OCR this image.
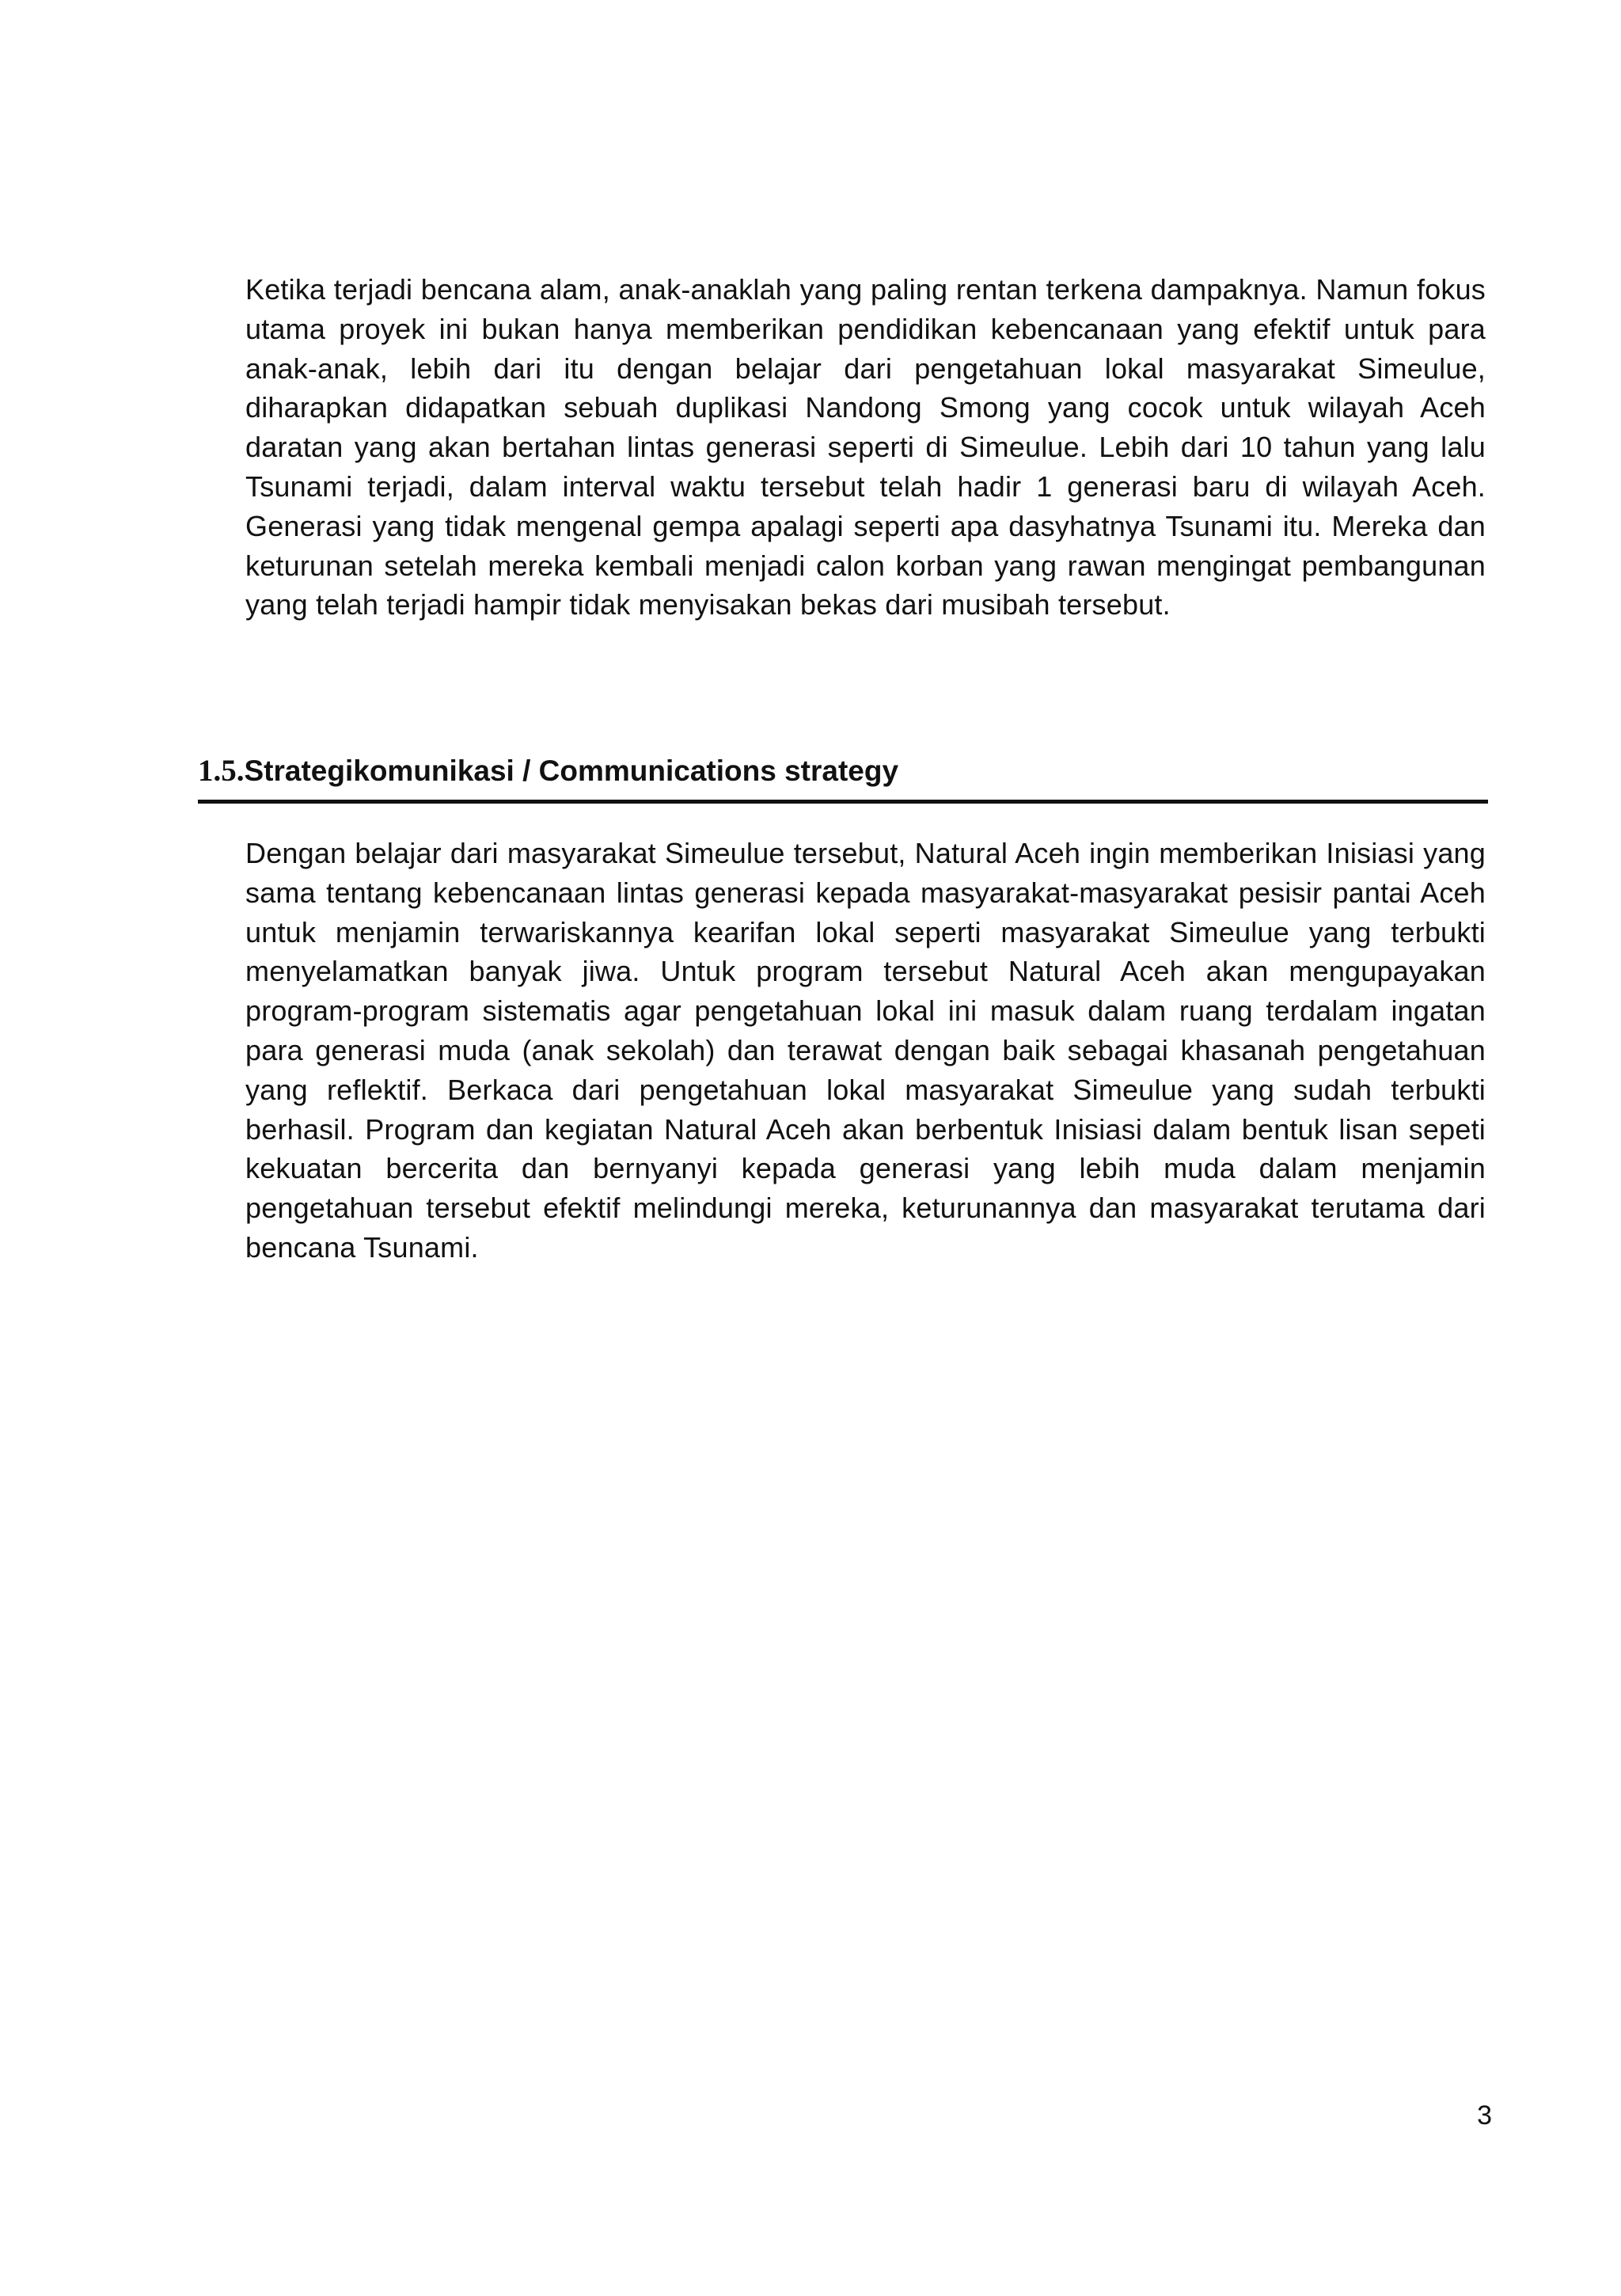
Ketika terjadi bencana alam, anak-anaklah yang paling rentan terkena dampaknya. Namun fokus utama proyek ini bukan hanya memberikan pendidikan kebencanaan yang efektif untuk para anak-anak, lebih dari itu dengan belajar dari pengetahuan lokal masyarakat Simeulue, diharapkan didapatkan sebuah duplikasi Nandong Smong yang cocok untuk wilayah Aceh daratan yang akan bertahan lintas generasi seperti di Simeulue. Lebih dari 10 tahun yang lalu Tsunami terjadi, dalam interval waktu tersebut telah hadir 1 generasi baru di wilayah Aceh. Generasi yang tidak mengenal gempa apalagi seperti apa dasyhatnya Tsunami itu. Mereka dan keturunan setelah mereka kembali menjadi calon korban yang rawan mengingat pembangunan yang telah terjadi hampir tidak menyisakan bekas dari musibah tersebut.

1.5.Strategikomunikasi / Communications strategy

Dengan belajar dari masyarakat Simeulue tersebut, Natural Aceh ingin memberikan Inisiasi yang sama tentang kebencanaan lintas generasi kepada masyarakat-masyarakat pesisir pantai Aceh untuk menjamin terwariskannya kearifan lokal seperti masyarakat Simeulue yang terbukti menyelamatkan banyak jiwa. Untuk program tersebut Natural Aceh akan mengupayakan program-program sistematis agar pengetahuan lokal ini masuk dalam ruang terdalam ingatan para generasi muda (anak sekolah) dan terawat dengan baik sebagai khasanah pengetahuan yang reflektif. Berkaca dari pengetahuan lokal masyarakat Simeulue yang sudah terbukti berhasil. Program dan kegiatan Natural Aceh akan berbentuk Inisiasi dalam bentuk lisan sepeti kekuatan bercerita dan bernyanyi kepada generasi yang lebih muda dalam menjamin pengetahuan tersebut efektif melindungi mereka, keturunannya dan masyarakat terutama dari bencana Tsunami.

3
